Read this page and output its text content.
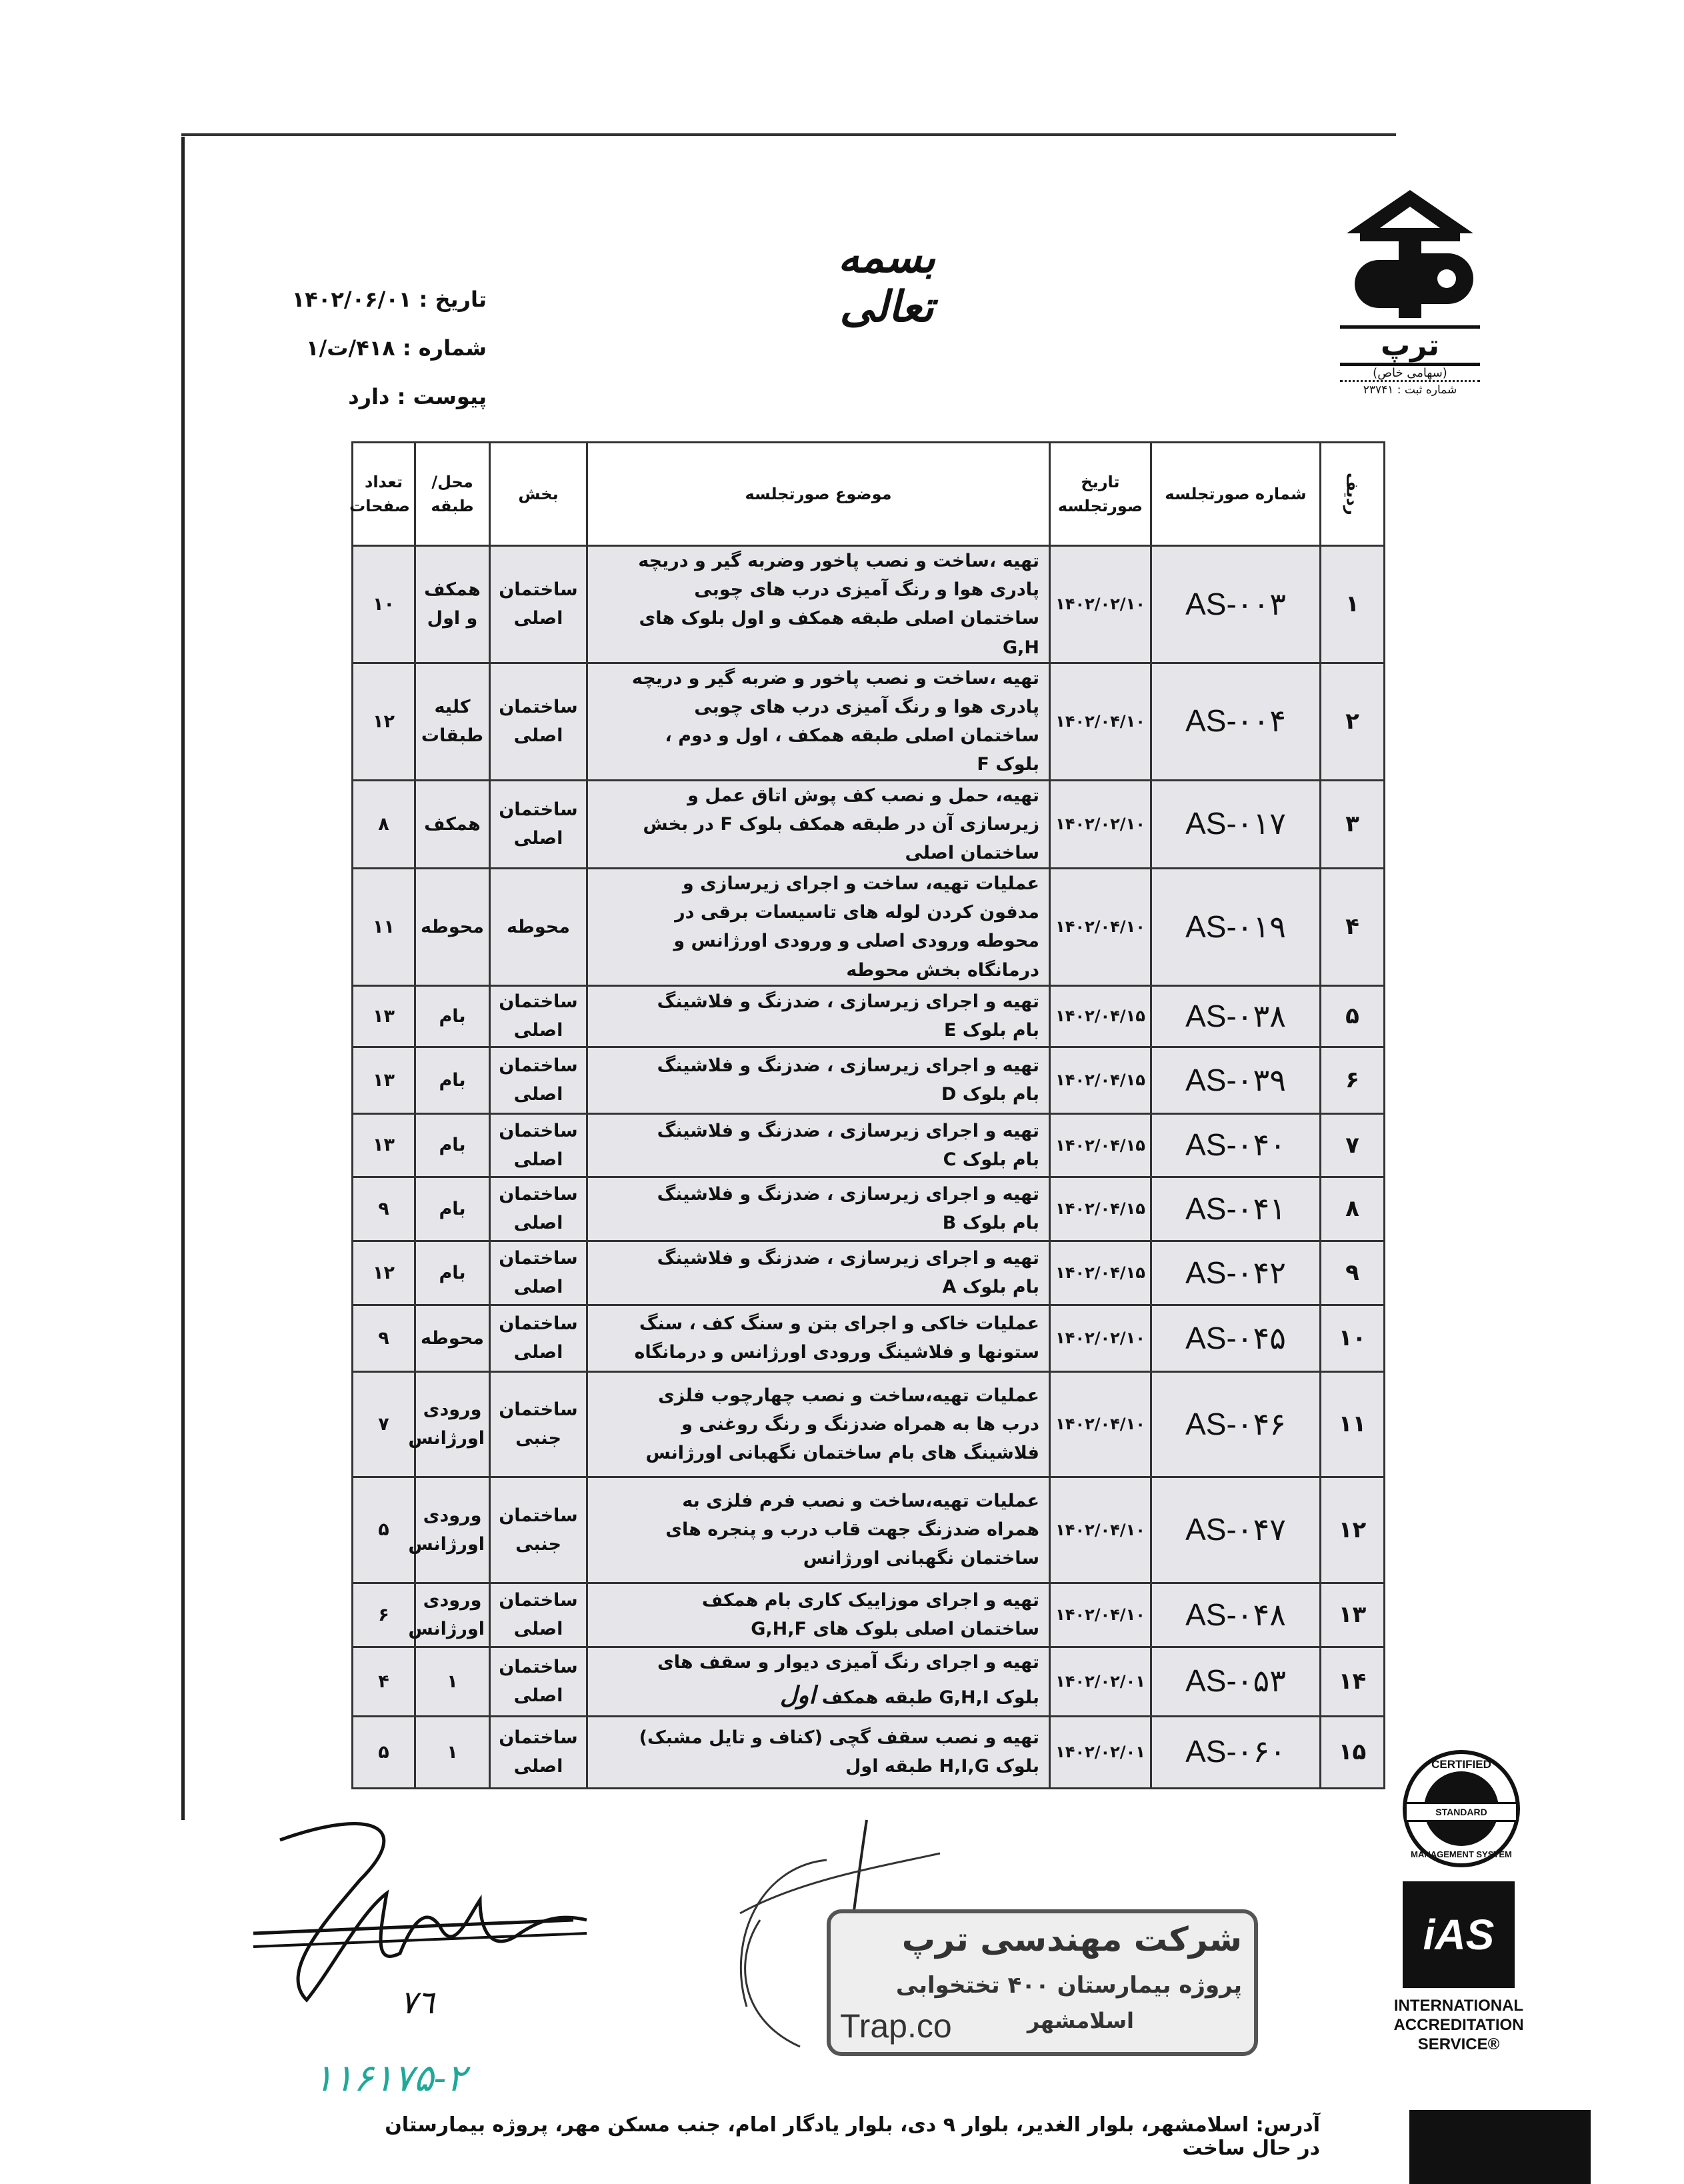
بسمه تعالی
تاریخ : ۱۴۰۲/۰۶/۰۱
شماره : ۴۱۸/ت/۱
پیوست : دارد
ترپ
(سهامی خاص)
شماره ثبت : ۲۳۷۴۱
ردیف	شماره صورتجلسه	تاریخ صورتجلسه	موضوع صورتجلسه	بخش	محل/طبقه	تعداد صفحات
۱	AS-۰۰۳	۱۴۰۲/۰۲/۱۰	تهیه ،ساخت و نصب پاخور وضربه گیر و دریچه پادری هوا و رنگ آمیزی درب های چوبی ساختمان اصلی طبقه همکف و اول بلوک های G,H	ساختمان اصلی	همکف و اول	۱۰
۲	AS-۰۰۴	۱۴۰۲/۰۴/۱۰	تهیه ،ساخت و نصب پاخور و ضربه گیر و دریچه پادری هوا و رنگ آمیزی درب های چوبی ساختمان اصلی طبقه همکف ، اول و دوم ، بلوک F	ساختمان اصلی	کلیه طبقات	۱۲
۳	AS-۰۱۷	۱۴۰۲/۰۲/۱۰	تهیه، حمل و نصب کف پوش اتاق عمل و زیرسازی آن در طبقه همکف بلوک F در بخش ساختمان اصلی	ساختمان اصلی	همکف	۸
۴	AS-۰۱۹	۱۴۰۲/۰۴/۱۰	عملیات تهیه، ساخت و اجرای زیرسازی و مدفون کردن لوله های تاسیسات برقی در محوطه ورودی اصلی و ورودی اورژانس و درمانگاه بخش محوطه	محوطه	محوطه	۱۱
۵	AS-۰۳۸	۱۴۰۲/۰۴/۱۵	تهیه و اجرای زیرسازی ، ضدزنگ و فلاشینگ بام بلوک E	ساختمان اصلی	بام	۱۳
۶	AS-۰۳۹	۱۴۰۲/۰۴/۱۵	تهیه و اجرای زیرسازی ، ضدزنگ و فلاشینگ بام بلوک D	ساختمان اصلی	بام	۱۳
۷	AS-۰۴۰	۱۴۰۲/۰۴/۱۵	تهیه و اجرای زیرسازی ، ضدزنگ و فلاشینگ بام بلوک C	ساختمان اصلی	بام	۱۳
۸	AS-۰۴۱	۱۴۰۲/۰۴/۱۵	تهیه و اجرای زیرسازی ، ضدزنگ و فلاشینگ بام بلوک B	ساختمان اصلی	بام	۹
۹	AS-۰۴۲	۱۴۰۲/۰۴/۱۵	تهیه و اجرای زیرسازی ، ضدزنگ و فلاشینگ بام بلوک A	ساختمان اصلی	بام	۱۲
۱۰	AS-۰۴۵	۱۴۰۲/۰۲/۱۰	عملیات خاکی و اجرای بتن و سنگ کف ، سنگ ستونها و فلاشینگ ورودی اورژانس و درمانگاه	ساختمان اصلی	محوطه	۹
۱۱	AS-۰۴۶	۱۴۰۲/۰۴/۱۰	عملیات تهیه،ساخت و نصب چهارچوب فلزی درب ها به همراه ضدزنگ و رنگ روغنی و فلاشینگ های بام ساختمان نگهبانی اورژانس	ساختمان جنبی	ورودی اورژانس	۷
۱۲	AS-۰۴۷	۱۴۰۲/۰۴/۱۰	عملیات تهیه،ساخت و نصب فرم فلزی به همراه ضدزنگ جهت قاب درب و پنجره های ساختمان نگهبانی اورژانس	ساختمان جنبی	ورودی اورژانس	۵
۱۳	AS-۰۴۸	۱۴۰۲/۰۴/۱۰	تهیه و اجرای موزاییک کاری بام همکف ساختمان اصلی بلوک های G,H,F	ساختمان اصلی	ورودی اورژانس	۶
۱۴	AS-۰۵۳	۱۴۰۲/۰۲/۰۱	تهیه و اجرای رنگ آمیزی دیوار و سقف های بلوک G,H,I طبقه همکف اول	ساختمان اصلی	۱	۴
۱۵	AS-۰۶۰	۱۴۰۲/۰۲/۰۱	تهیه و نصب سقف گچی (کناف و تایل مشبک) بلوک H,I,G طبقه اول	ساختمان اصلی	۱	۵
٧٦
شرکت مهندسی ترپ
پروژه بیمارستان ۴۰۰ تختخوابی
اسلامشهر
Trap.co
CERTIFIED
STANDARD
MANAGEMENT SYSTEM
iAS
INTERNATIONAL ACCREDITATION SERVICE®
۱۱۶۱۷۵-۲
آدرس: اسلامشهر، بلوار الغدیر، بلوار ۹ دی، بلوار یادگار امام، جنب مسکن مهر، پروژه بیمارستان در حال ساخت
